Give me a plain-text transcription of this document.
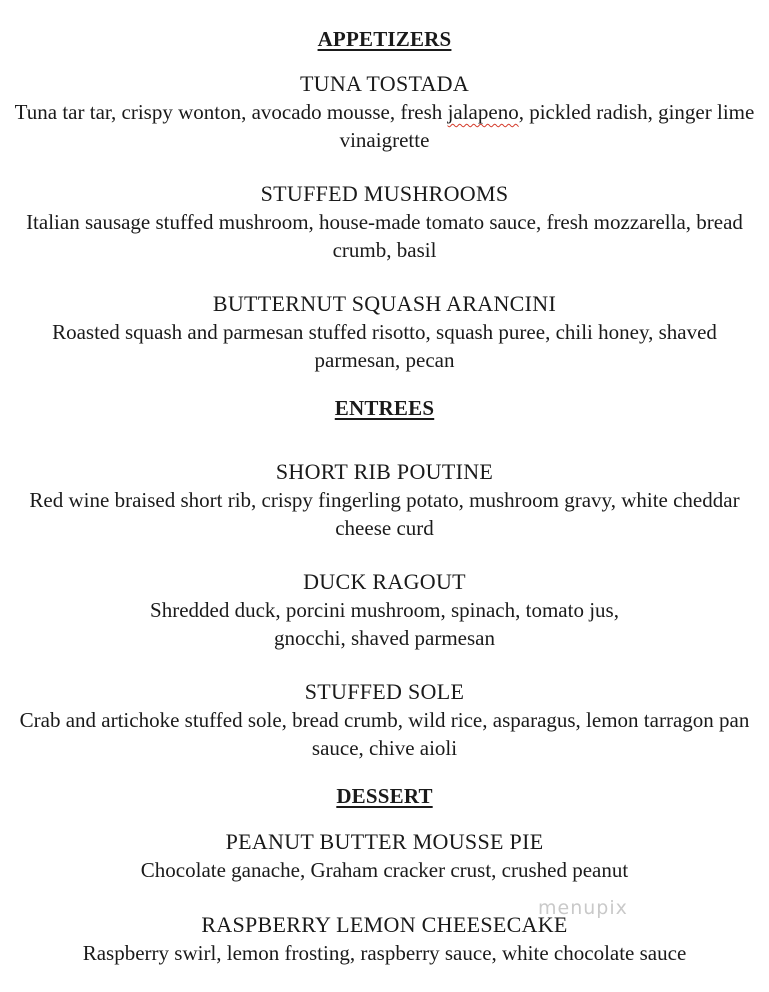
APPETIZERS
TUNA TOSTADA
Tuna tar tar, crispy wonton, avocado mousse, fresh jalapeno, pickled radish, ginger lime vinaigrette
STUFFED MUSHROOMS
Italian sausage stuffed mushroom, house-made tomato sauce, fresh mozzarella, bread crumb, basil
BUTTERNUT SQUASH ARANCINI
Roasted squash and parmesan stuffed risotto, squash puree, chili honey, shaved parmesan, pecan
ENTREES
SHORT RIB POUTINE
Red wine braised short rib, crispy fingerling potato, mushroom gravy, white cheddar cheese curd
DUCK RAGOUT
Shredded duck, porcini mushroom, spinach, tomato jus,
gnocchi, shaved parmesan
STUFFED SOLE
Crab and artichoke stuffed sole, bread crumb, wild rice, asparagus, lemon tarragon pan sauce, chive aioli
DESSERT
PEANUT BUTTER MOUSSE PIE
Chocolate ganache, Graham cracker crust, crushed peanut
RASPBERRY LEMON CHEESECAKE
Raspberry swirl, lemon frosting, raspberry sauce, white chocolate sauce
menupix
